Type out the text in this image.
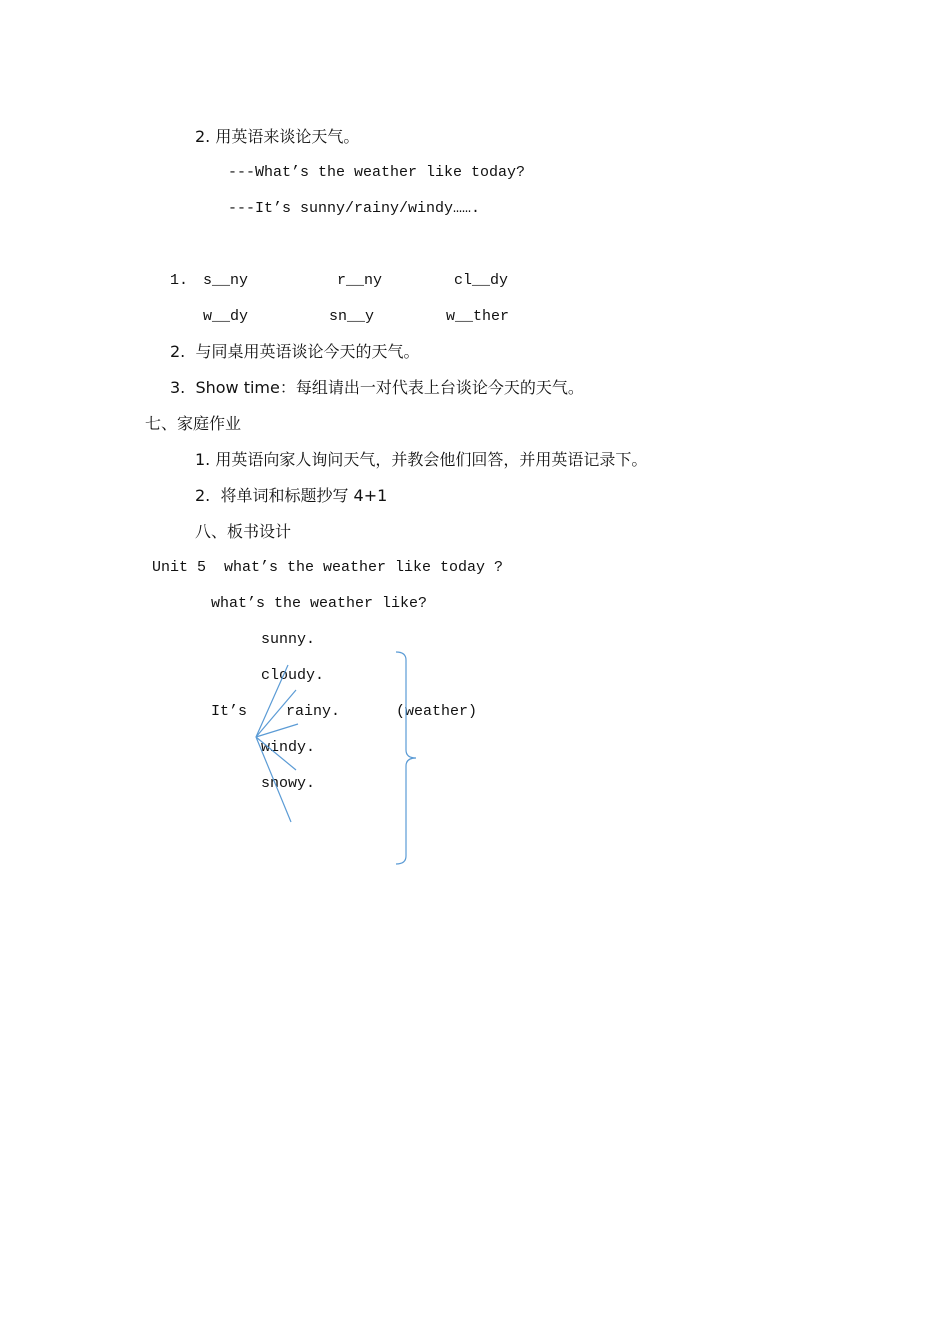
2. 用英语来谈论天气。
---What’s the weather like today?
---It’s sunny/rainy/windy…….
1. s__ny	r__ny	cl__dy
w__dy	sn__y	w__ther
2.  与同桌用英语谈论今天的天气。
3.  Show time：每组请出一对代表上台谈论今天的天气。
七、家庭作业
1. 用英语向家人询问天气，并教会他们回答，并用英语记录下。
2.  将单词和标题抄写 4+1
八、板书设计
Unit 5  what’s the weather like today ?
what’s the weather like?
sunny.
cloudy.
It’s	rainy.	(weather)
windy.
snowy.
